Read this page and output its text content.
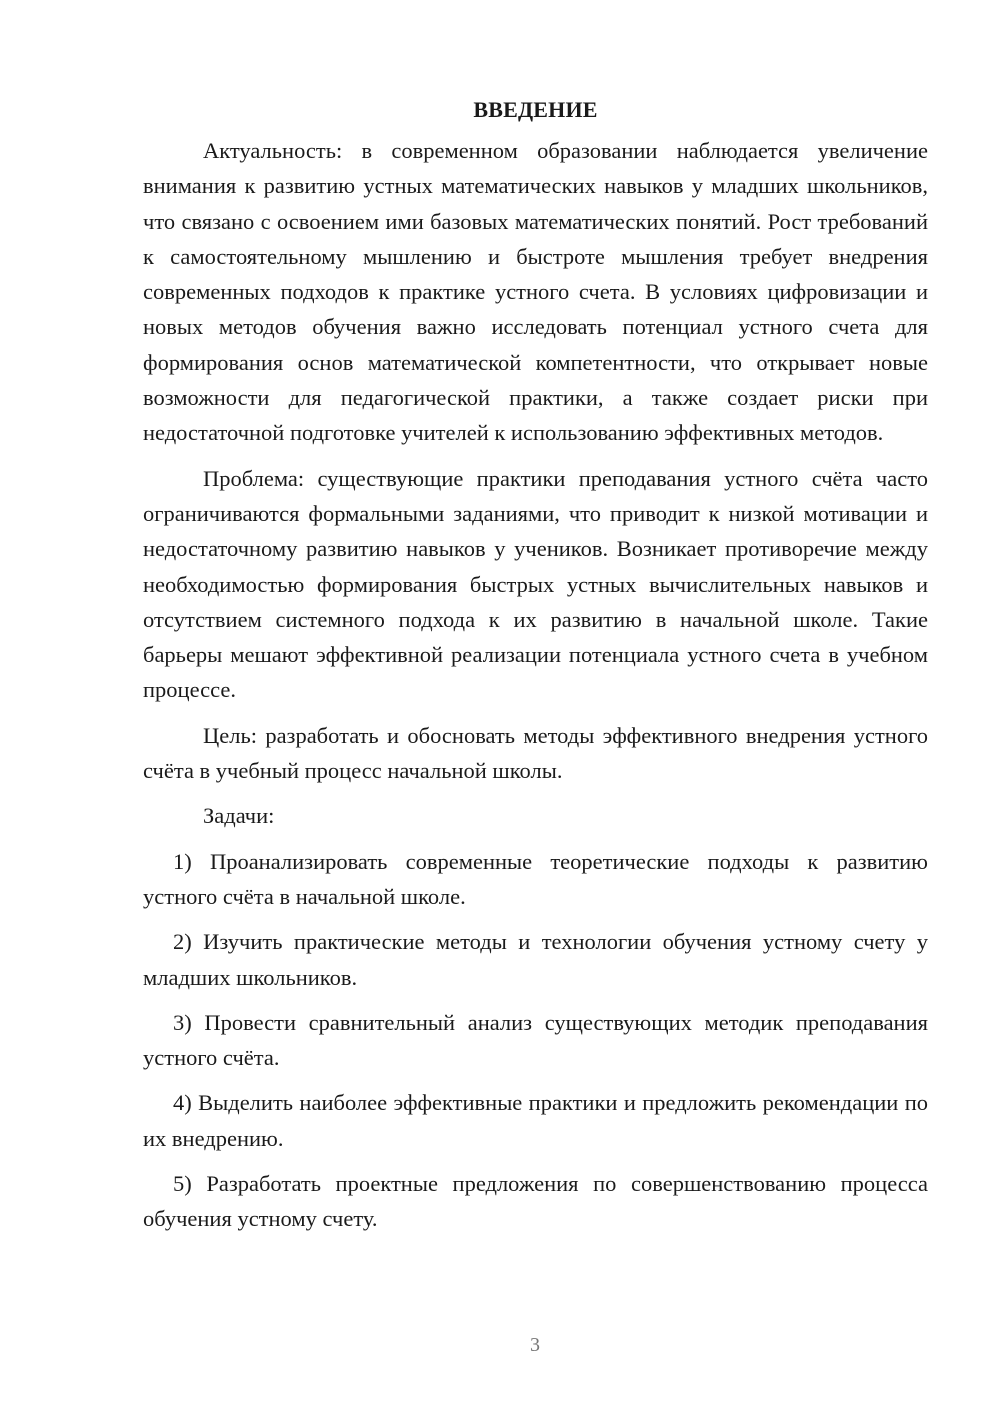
ВВЕДЕНИЕ

Актуальность: в современном образовании наблюдается увеличение внимания к развитию устных математических навыков у младших школьников, что связано с освоением ими базовых математических понятий. Рост требований к самостоятельному мышлению и быстроте мышления требует внедрения современных подходов к практике устного счета. В условиях цифровизации и новых методов обучения важно исследовать потенциал устного счета для формирования основ математической компетентности, что открывает новые возможности для педагогической практики, а также создает риски при недостаточной подготовке учителей к использованию эффективных методов.

Проблема: существующие практики преподавания устного счёта часто ограничиваются формальными заданиями, что приводит к низкой мотивации и недостаточному развитию навыков у учеников. Возникает противоречие между необходимостью формирования быстрых устных вычислительных навыков и отсутствием системного подхода к их развитию в начальной школе. Такие барьеры мешают эффективной реализации потенциала устного счета в учебном процессе.

Цель: разработать и обосновать методы эффективного внедрения устного счёта в учебный процесс начальной школы.

Задачи:

1) Проанализировать современные теоретические подходы к развитию устного счёта в начальной школе.

2) Изучить практические методы и технологии обучения устному счету у младших школьников.

3) Провести сравнительный анализ существующих методик преподавания устного счёта.

4) Выделить наиболее эффективные практики и предложить рекомендации по их внедрению.

5) Разработать проектные предложения по совершенствованию процесса обучения устному счету.

3
